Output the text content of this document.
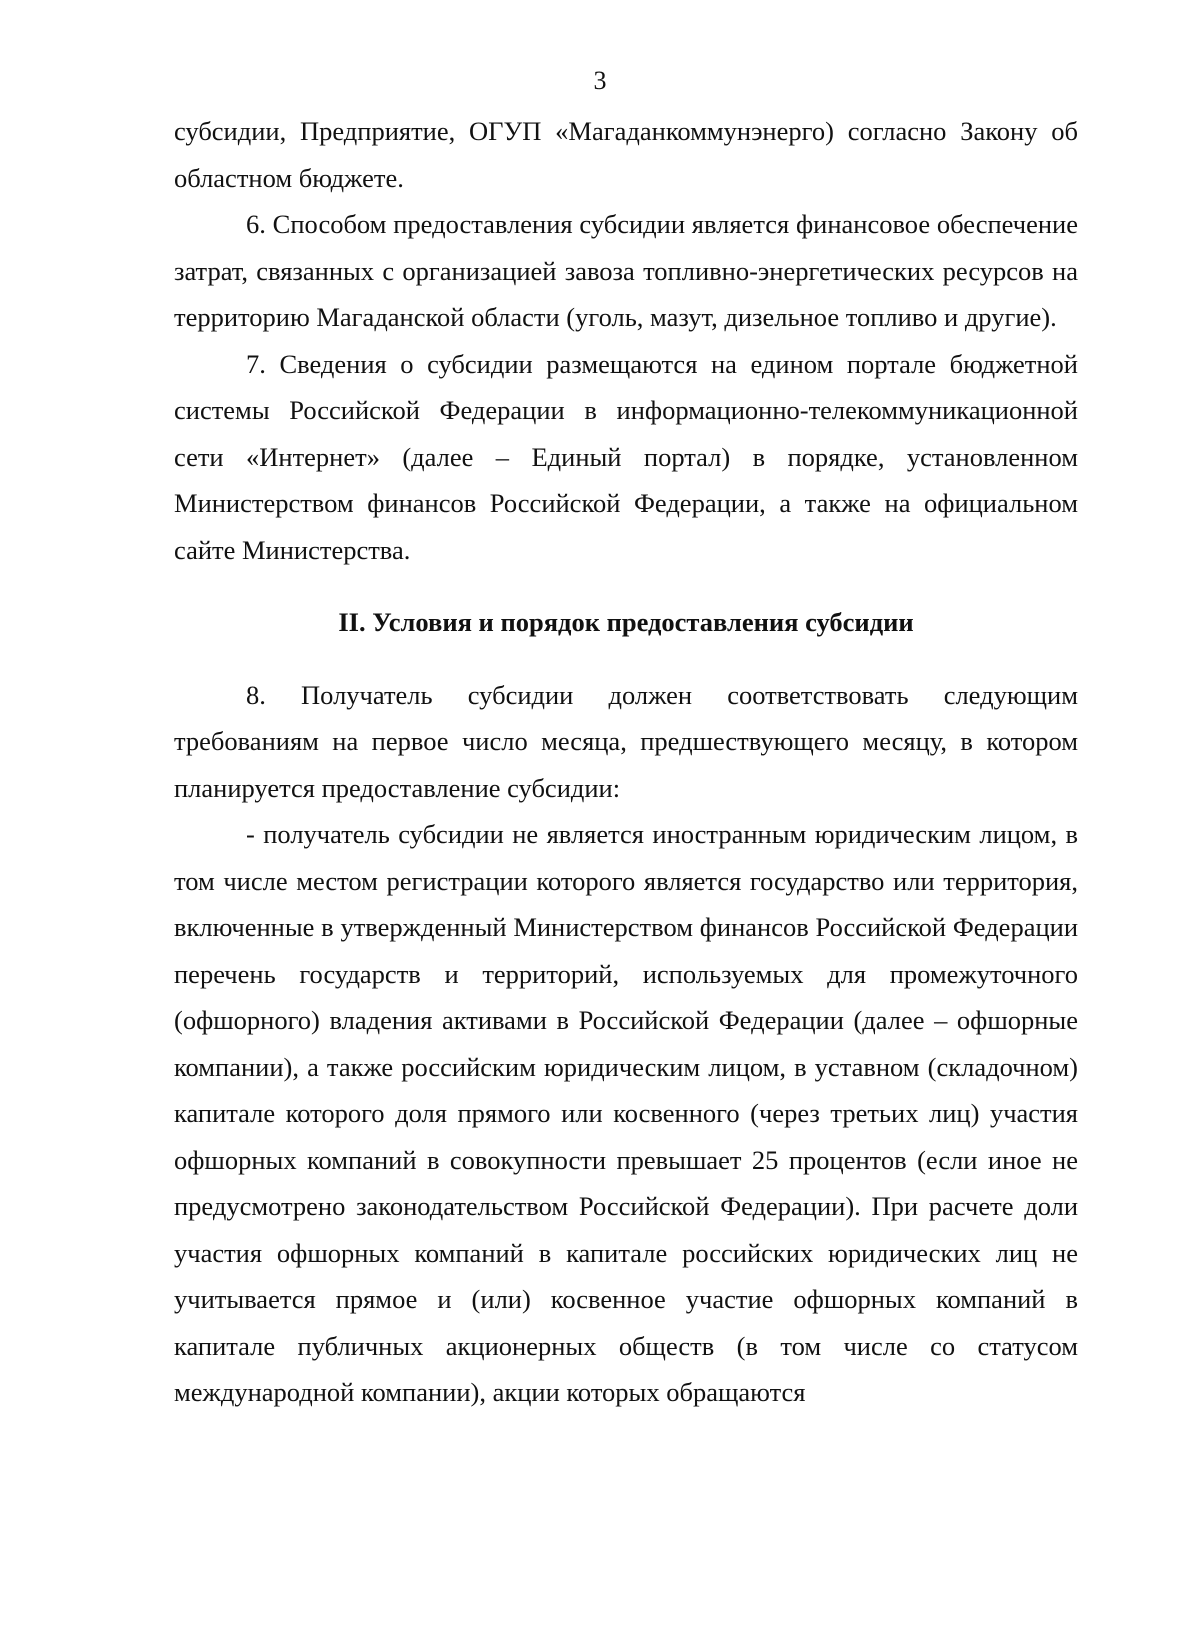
3

субсидии, Предприятие, ОГУП «Магаданкоммунэнерго) согласно Закону об областном бюджете.

6. Способом предоставления субсидии является финансовое обеспечение затрат, связанных с организацией завоза топливно-энергетических ресурсов на территорию Магаданской области (уголь, мазут, дизельное топливо и другие).

7. Сведения о субсидии размещаются на едином портале бюджетной системы Российской Федерации в информационно-телекоммуникационной сети «Интернет» (далее – Единый портал) в порядке, установленном Министерством финансов Российской Федерации, а также на официальном сайте Министерства.

II. Условия и порядок предоставления субсидии

8. Получатель субсидии должен соответствовать следующим требованиям на первое число месяца, предшествующего месяцу, в котором планируется предоставление субсидии:

- получатель субсидии не является иностранным юридическим лицом, в том числе местом регистрации которого является государство или территория, включенные в утвержденный Министерством финансов Российской Федерации перечень государств и территорий, используемых для промежуточного (офшорного) владения активами в Российской Федерации (далее – офшорные компании), а также российским юридическим лицом, в уставном (складочном) капитале которого доля прямого или косвенного (через третьих лиц) участия офшорных компаний в совокупности превышает 25 процентов (если иное не предусмотрено законодательством Российской Федерации). При расчете доли участия офшорных компаний в капитале российских юридических лиц не учитывается прямое и (или) косвенное участие офшорных компаний в капитале публичных акционерных обществ (в том числе со статусом международной компании), акции которых обращаются
